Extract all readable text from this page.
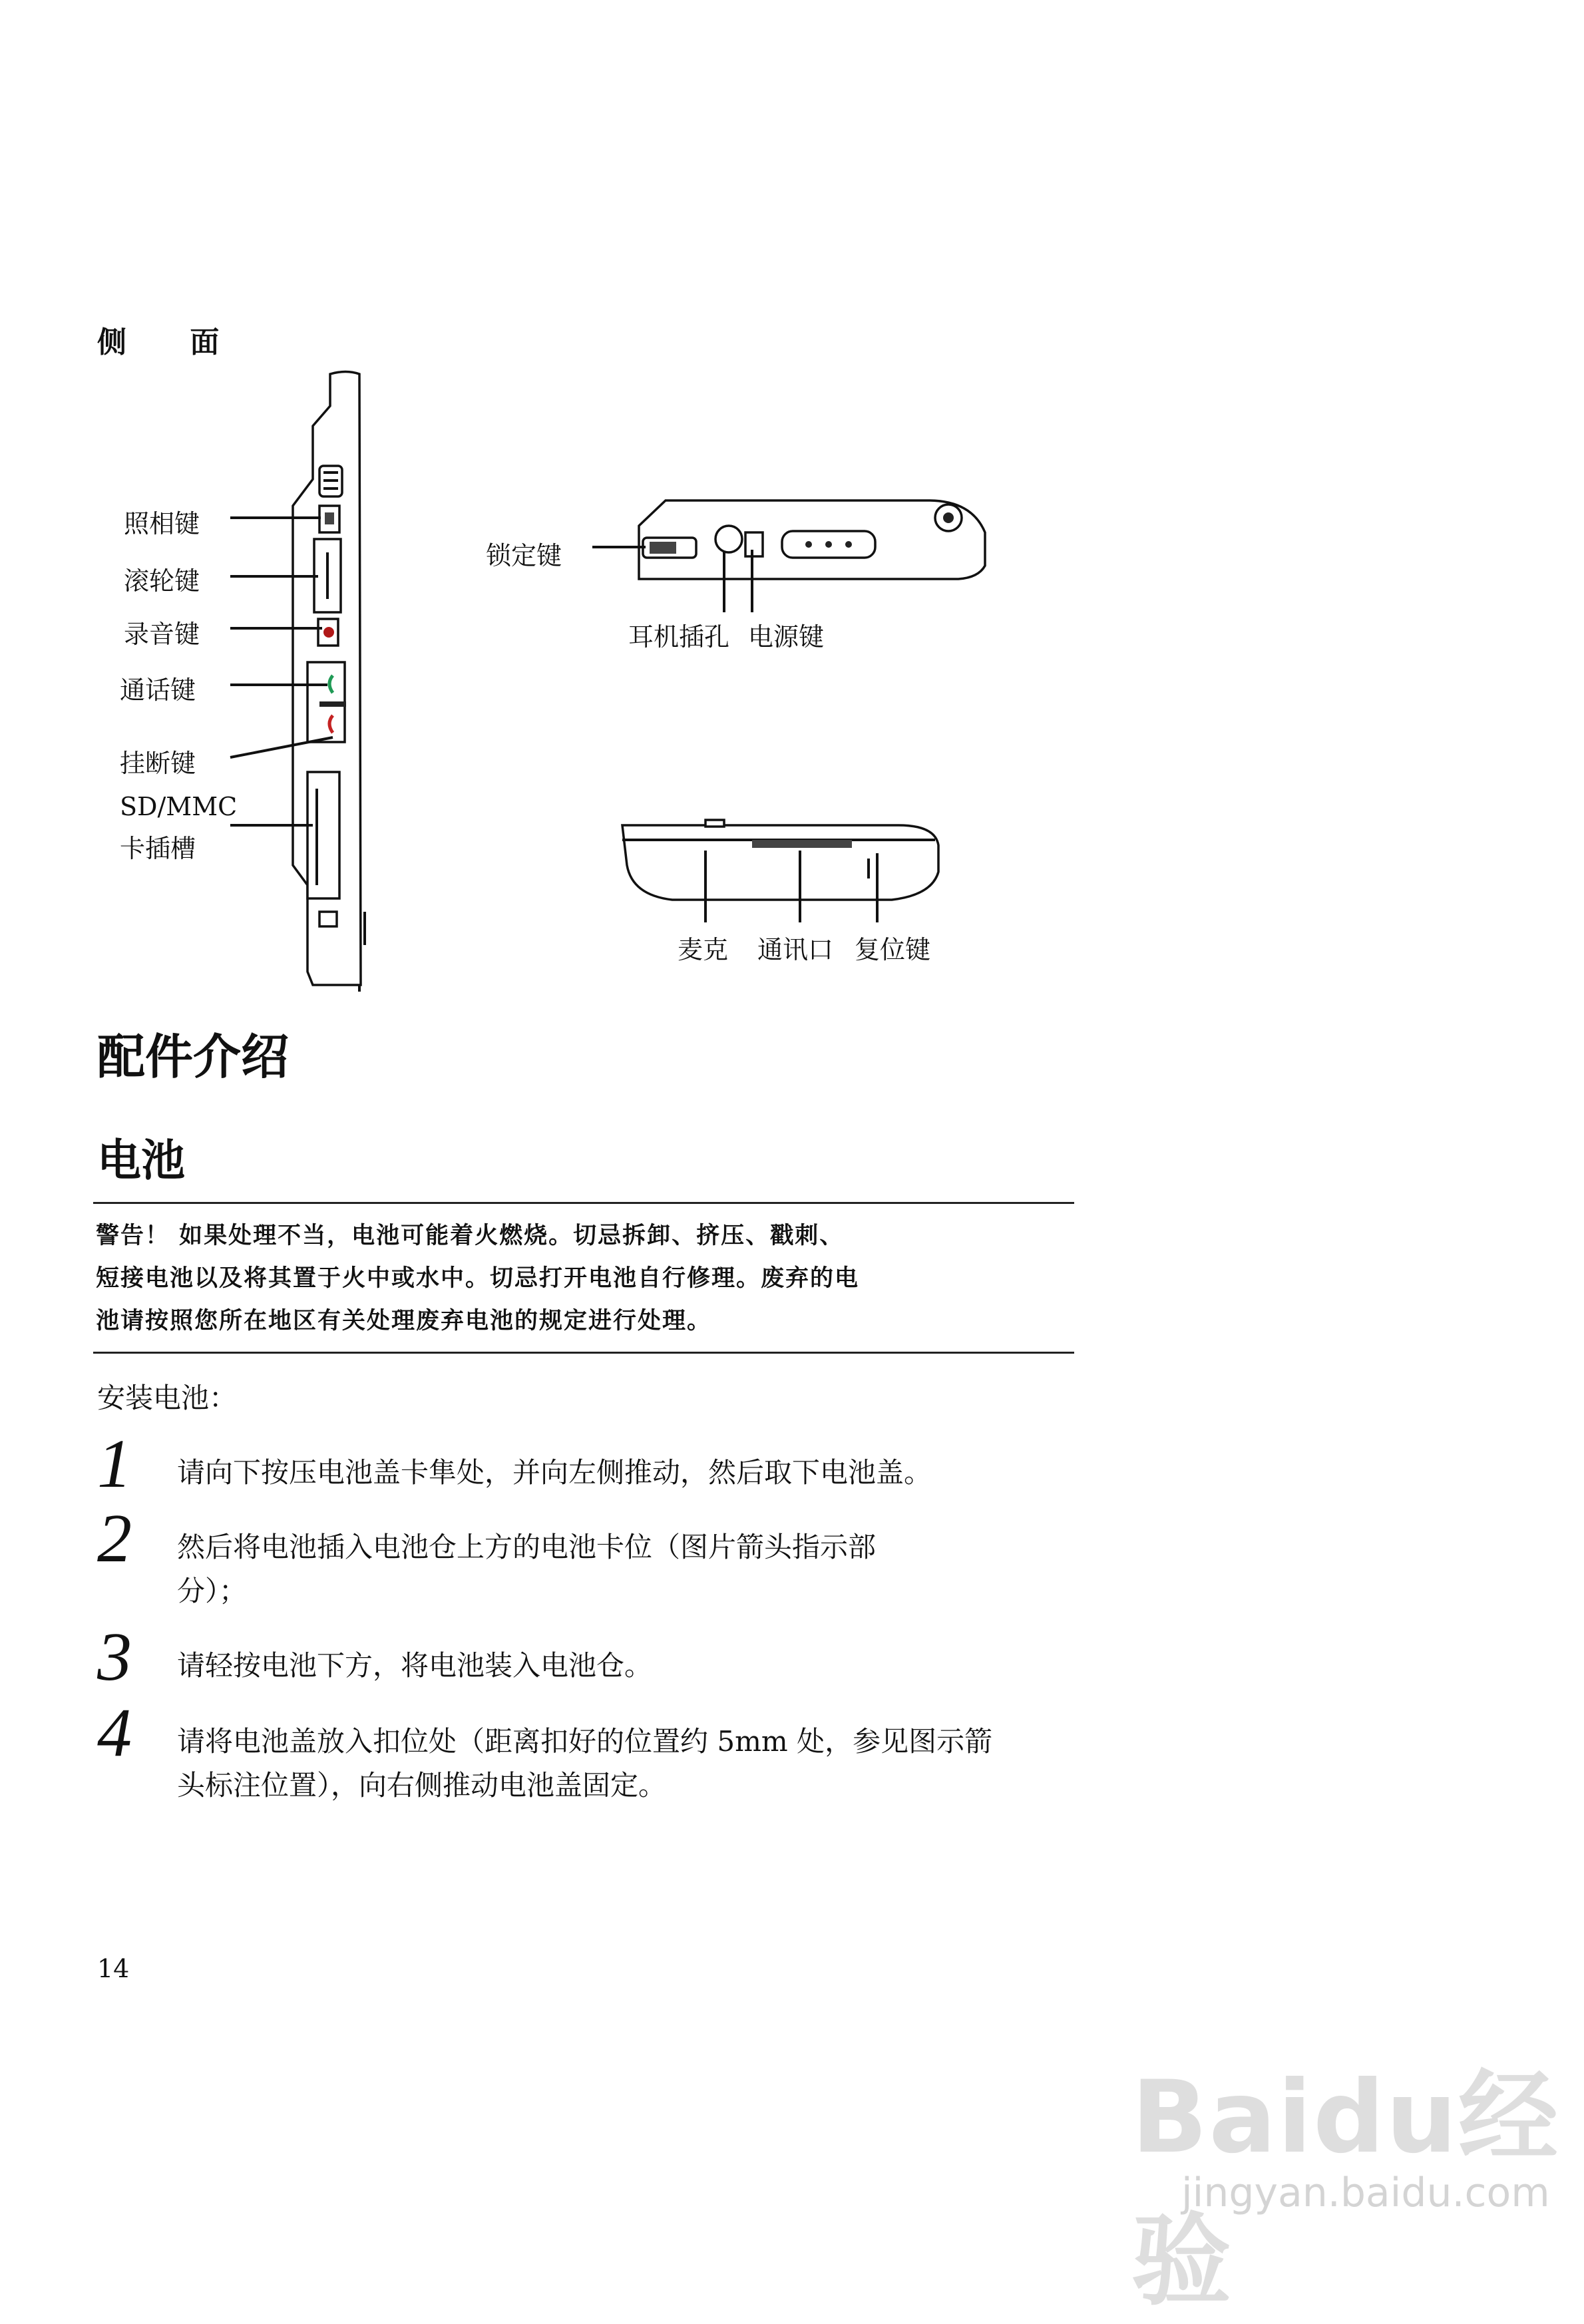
侧 面
照相键
滚轮键
录音键
通话键
挂断键
SD/MMC
卡插槽
锁定键
耳机插孔 电源键
麦克 通讯口 复位键
配件介绍
电池
警告！ 如果处理不当，电池可能着火燃烧。切忌拆卸、挤压、戳刺、
短接电池以及将其置于火中或水中。切忌打开电池自行修理。废弃的电
池请按照您所在地区有关处理废弃电池的规定进行处理。
安装电池：
1 请向下按压电池盖卡隼处，并向左侧推动，然后取下电池盖。
2 然后将电池插入电池仓上方的电池卡位（图片箭头指示部
分）；
3 请轻按电池下方，将电池装入电池仓。
4 请将电池盖放入扣位处（距离扣好的位置约 5mm 处，参见图示箭
头标注位置），向右侧推动电池盖固定。
14
Baidu经验
jingyan.baidu.com
